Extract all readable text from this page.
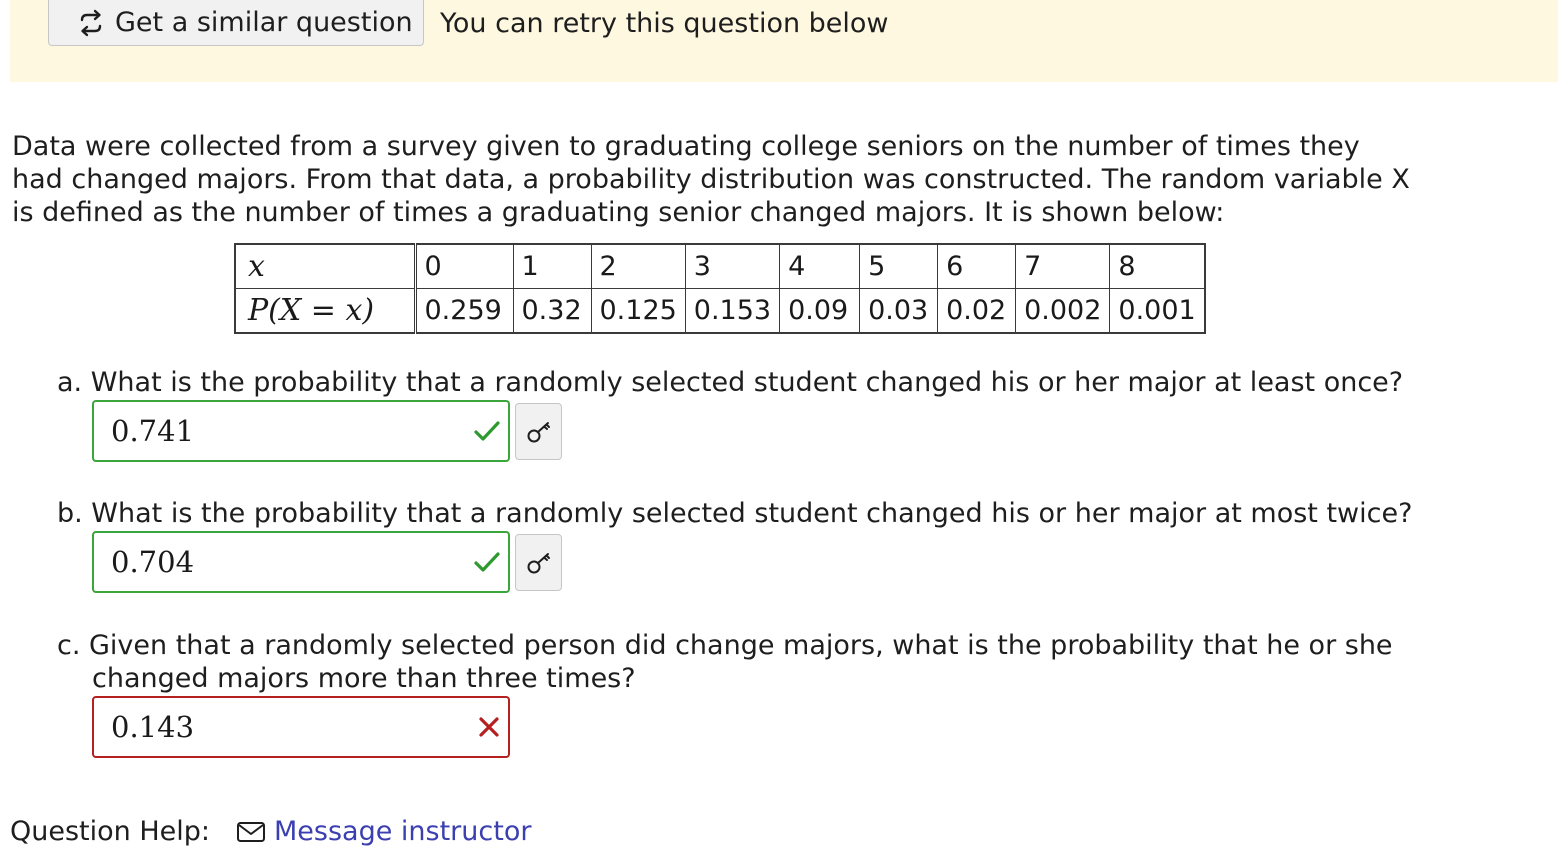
Get a similar question You can retry this question below
Data were collected from a survey given to graduating college seniors on the number of times they had changed majors. From that data, a probability distribution was constructed. The random variable X is defined as the number of times a graduating senior changed majors. It is shown below:
x	0	1	2	3	4	5	6	7	8
P(X = x)	0.259	0.32	0.125	0.153	0.09	0.03	0.02	0.002	0.001
a. What is the probability that a randomly selected student changed his or her major at least once?
0.741
b. What is the probability that a randomly selected student changed his or her major at most twice?
0.704
c. Given that a randomly selected person did change majors, what is the probability that he or she
changed majors more than three times?
0.143
Question Help: Message instructor
